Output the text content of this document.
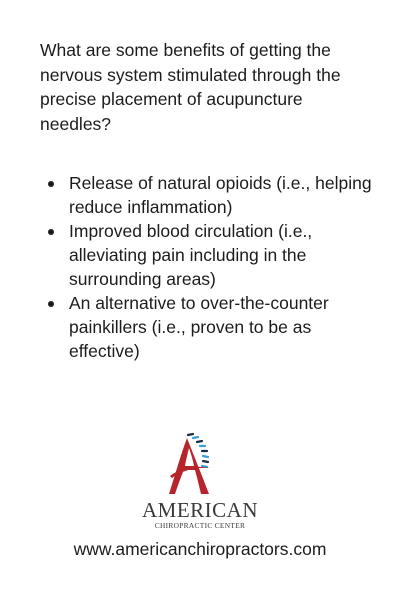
What are some benefits of getting the nervous system stimulated through the precise placement of acupuncture needles?

Release of natural opioids (i.e., helping reduce inflammation)
Improved blood circulation (i.e., alleviating pain including in the surrounding areas)
An alternative to over-the-counter painkillers (i.e., proven to be as effective)
AMERICAN
CHIROPRACTIC CENTER
www.americanchiropractors.com
